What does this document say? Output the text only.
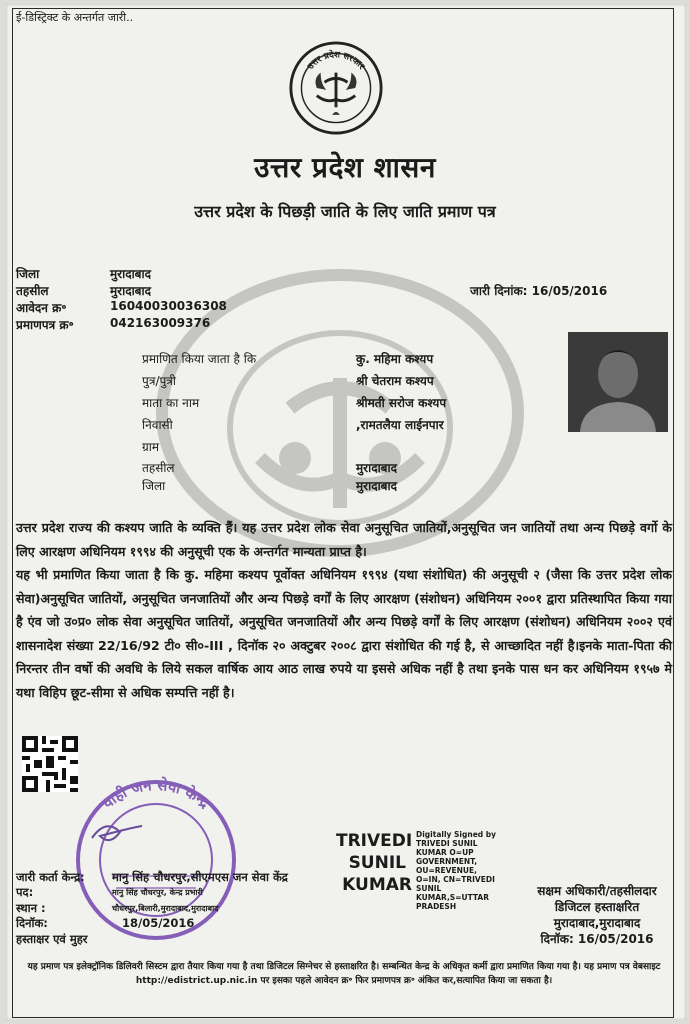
ई-डिस्ट्रिक्ट के अन्तर्गत जारी..
उत्तर प्रदेश सरकार
उत्तर प्रदेश शासन
उत्तर प्रदेश के पिछड़ी जाति के लिए जाति प्रमाण पत्र
जिला	मुरादाबाद
तहसील	मुरादाबाद
आवेदन क्र॰	16040030036308
प्रमाणपत्र क्र॰	042163009376
जारी दिनांक: 16/05/2016
प्रमाणित किया जाता है कि	कु. महिमा कश्यप
पुत्र/पुत्री	श्री चेतराम कश्यप
माता का नाम	श्रीमती सरोज कश्यप
निवासी	,रामतलैया लाईनपार
ग्राम
तहसील	मुरादाबाद
जिला	मुरादाबाद

उत्तर प्रदेश राज्य की कश्यप जाति के व्यक्ति हैं। यह उत्तर प्रदेश लोक सेवा अनुसूचित जातियों,अनुसूचित जन जातियों तथा अन्य पिछड़े वर्गो के लिए आरक्षण अधिनियम १९९४ की अनुसूची एक के अन्तर्गत मान्यता प्राप्त है।

यह भी प्रमाणित किया जाता है कि कु. महिमा कश्यप पूर्वोक्त अधिनियम १९९४ (यथा संशोधित) की अनुसूची २ (जैसा कि उत्तर प्रदेश लोक सेवा)अनुसूचित जातियों, अनुसूचित जनजातियों और अन्य पिछड़े वर्गों के लिए आरक्षण (संशोधन) अधिनियम २००१ द्वारा प्रतिस्थापित किया गया है एंव जो उ०प्र० लोक सेवा अनुसूचित जातियों, अनुसूचित जनजातियों और अन्य पिछड़े वर्गों के लिए आरक्षण (संशोधन) अधिनियम २००२ एवं शासनादेश संख्या 22/16/92 टी० सी०-III , दिनॉक २० अक्टुबर २००८ द्वारा संशोधित की गई है, से आच्छादित नहीं है।इनके माता-पिता की निरन्तर तीन वर्षो की अवधि के लिये सकल वार्षिक आय आठ लाख रुपये या इससे अधिक नहीं है तथा इनके पास धन कर अधिनियम १९५७ मे यथा विहिप छूट-सीमा से अधिक सम्पत्ति नहीं है।

वाही जन सेवा केन्द्र
TRIVEDI
SUNIL
KUMAR
Digitally Signed by
TRIVEDI SUNIL
KUMAR O=UP
GOVERNMENT,
OU=REVENUE,
O=IN, CN=TRIVEDI
SUNIL
KUMAR,S=UTTAR
PRADESH
जारी कर्ता केन्द्र: मानु सिंह चौधरपुर,सीएमएस जन सेवा केंद्र
पद:	मानु सिंह चौधरपुर, केन्द्र प्रभारी
स्थान :	चौधरपुर,बिलारी,मुरादाबाद,मुरादाबाद
दिनॉक:	18/05/2016
हस्ताक्षर एवं मुहर
सक्षम अधिकारी/तहसीलदार
डिजिटल हस्ताक्षरित
मुरादाबाद,मुरादाबाद
दिनॉक: 16/05/2016
यह प्रमाण पत्र इलेक्ट्रॉनिक डिलिवरी सिस्टम द्वारा तैयार किया गया है तथा डिजिटल सिग्नेचर से हस्ताक्षरित है। सम्बन्धित केन्द्र के अधिकृत कर्मी द्वारा प्रमाणित किया गया है। यह प्रमाण पत्र वेबसाइट http://edistrict.up.nic.in पर इसका पहले आवेदन क्र॰ फिर प्रमाणपत्र क्र॰ अंकित कर,सत्यापित किया जा सकता है।
